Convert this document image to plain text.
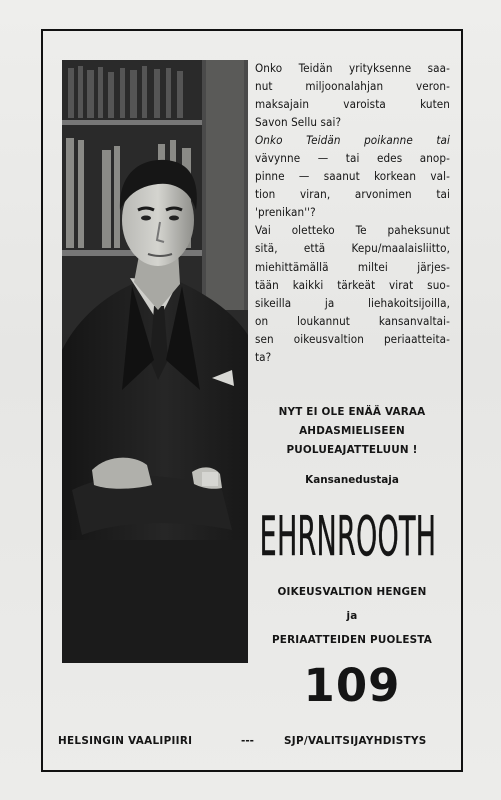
Onko Teidän yrityksenne saa-
nut miljoonalahjan veron-
maksajain varoista kuten
Savon Sellu sai?
Onko Teidän poikanne tai
vävynne — tai edes anop-
pinne — saanut korkean val-
tion viran, arvonimen tai
'prenikan''?
Vai oletteko Te paheksunut
sitä, että Kepu/maalaisliitto,
miehittämällä miltei järjes-
tään kaikki tärkeät virat suo-
sikeilla ja liehakoitsijoilla,
on loukannut kansanvaltai-
sen oikeusvaltion periaatteita-
ta?
NYT EI OLE ENÄÄ VARAA
AHDASMIELISEEN
PUOLUEAJATTELUUN !
Kansanedustaja
EHRNROOTH
OIKEUSVALTION HENGEN
ja
PERIAATTEIDEN PUOLESTA
109
HELSINGIN VAALIPIIRI	---	SJP/VALITSIJAYHDISTYS
